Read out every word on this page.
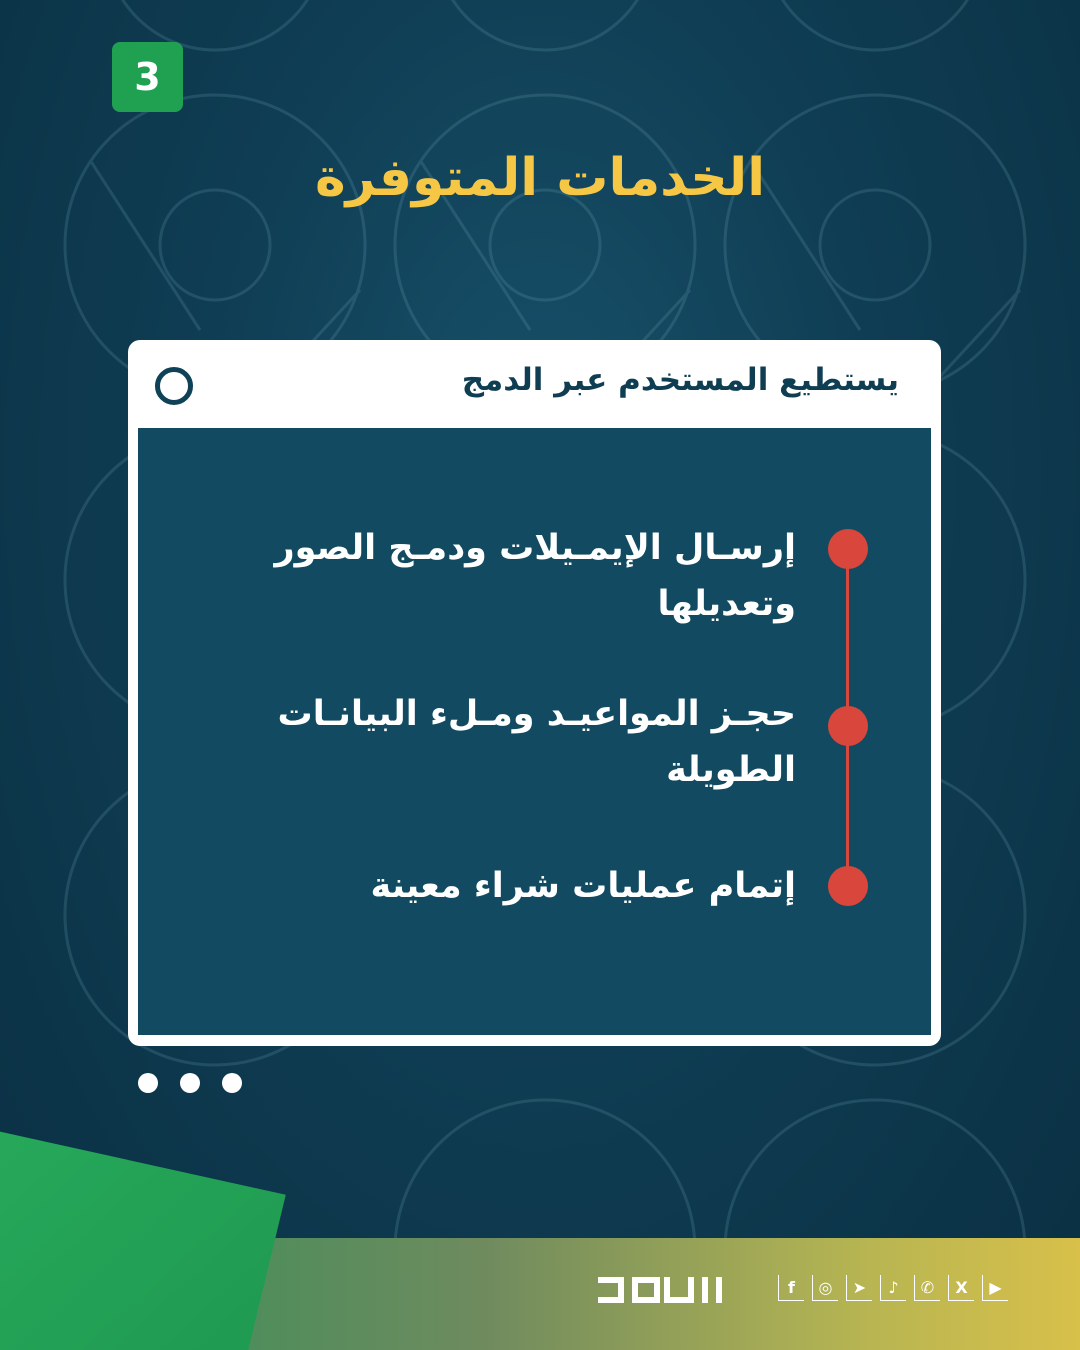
3
الخدمات المتوفرة
يستطيع المستخدم عبر الدمج
إرسـال الإيمـيلات ودمـج الصور وتعديلها
حجـز المواعيـد ومـلء البيانـات الطويلة
إتمام عمليات شراء معينة
f	◎	➤	♪	✆	X	▶
